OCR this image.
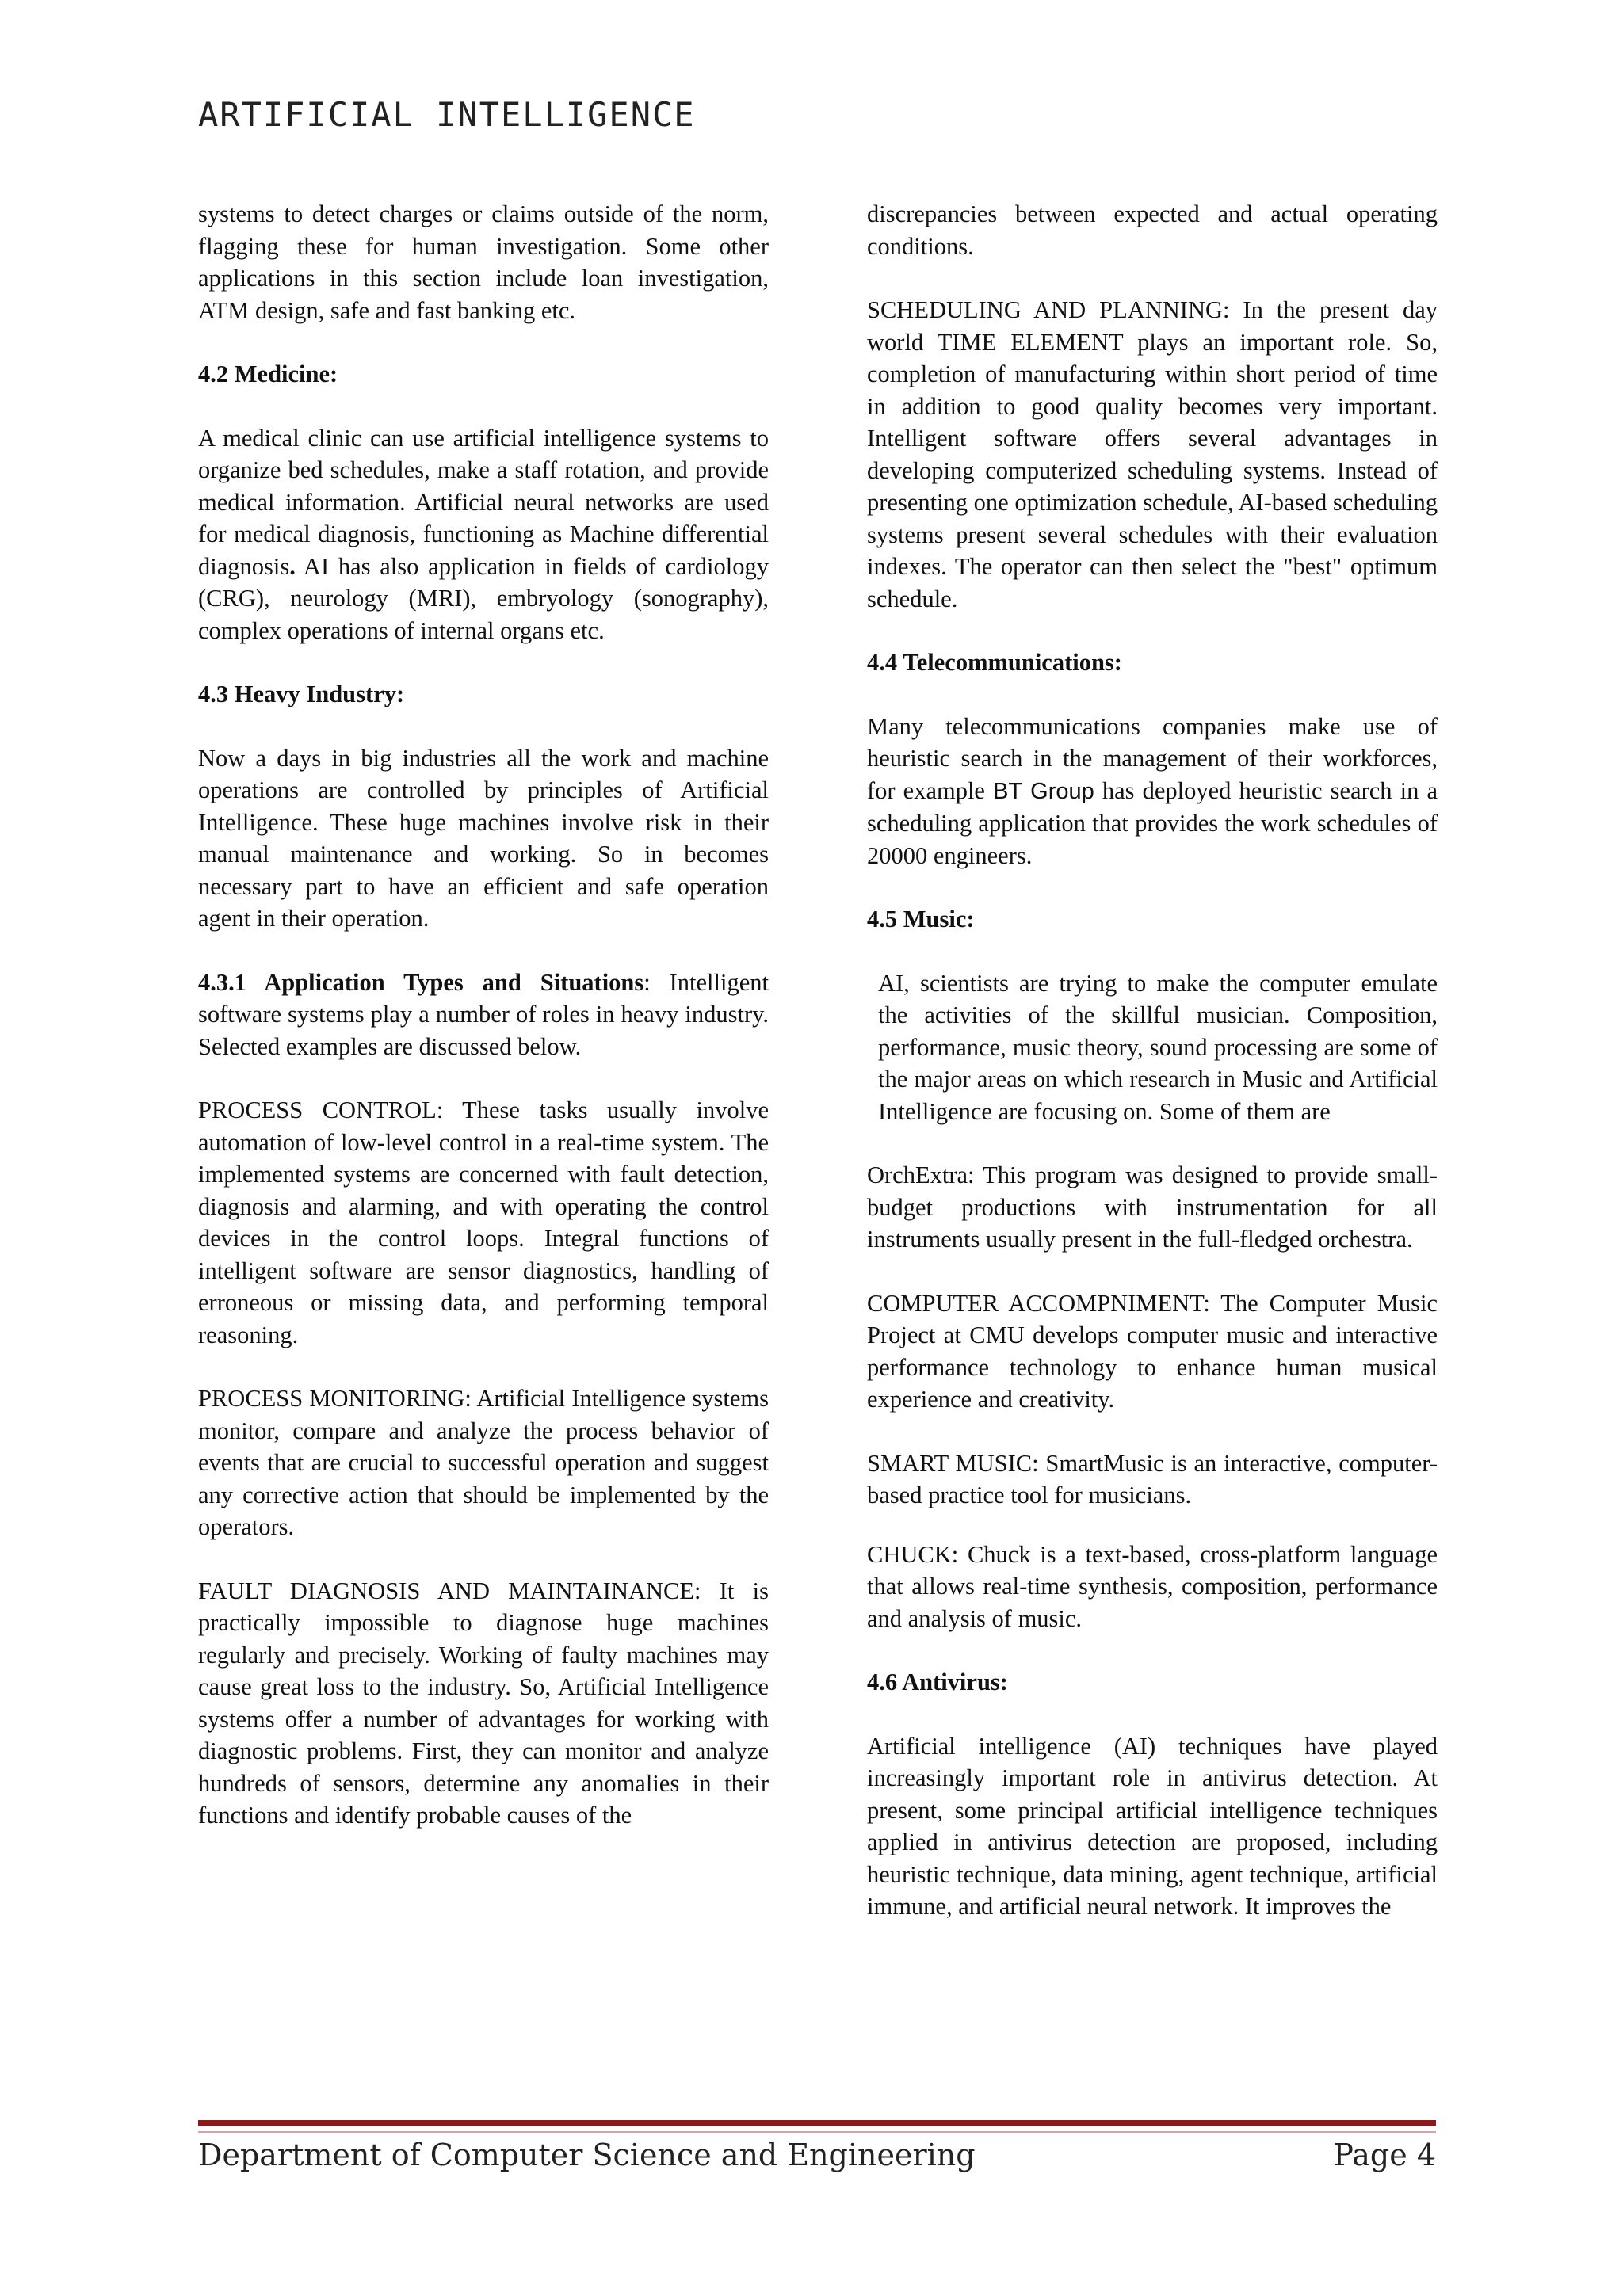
ARTIFICIAL INTELLIGENCE

systems to detect charges or claims outside of the norm, flagging these for human investigation. Some other applications in this section include loan investigation, ATM design, safe and fast banking etc.

4.2 Medicine:

A medical clinic can use artificial intelligence systems to organize bed schedules, make a staff rotation, and provide medical information. Artificial neural networks are used for medical diagnosis, functioning as Machine differential diagnosis. AI has also application in fields of cardiology (CRG), neurology (MRI), embryology (sonography), complex operations of internal organs etc.

4.3 Heavy Industry:

Now a days in big industries all the work and machine operations are controlled by principles of Artificial Intelligence. These huge machines involve risk in their manual maintenance and working. So in becomes necessary part to have an efficient and safe operation agent in their operation.

4.3.1 Application Types and Situations: Intelligent software systems play a number of roles in heavy industry. Selected examples are discussed below.

PROCESS CONTROL: These tasks usually involve automation of low-level control in a real-time system. The implemented systems are concerned with fault detection, diagnosis and alarming, and with operating the control devices in the control loops. Integral functions of intelligent software are sensor diagnostics, handling of erroneous or missing data, and performing temporal reasoning.

PROCESS MONITORING: Artificial Intelligence systems monitor, compare and analyze the process behavior of events that are crucial to successful operation and suggest any corrective action that should be implemented by the operators.

FAULT DIAGNOSIS AND MAINTAINANCE: It is practically impossible to diagnose huge machines regularly and precisely. Working of faulty machines may cause great loss to the industry. So, Artificial Intelligence systems offer a number of advantages for working with diagnostic problems. First, they can monitor and analyze hundreds of sensors, determine any anomalies in their functions and identify probable causes of the

discrepancies between expected and actual operating conditions.

SCHEDULING AND PLANNING: In the present day world TIME ELEMENT plays an important role. So, completion of manufacturing within short period of time in addition to good quality becomes very important. Intelligent software offers several advantages in developing computerized scheduling systems. Instead of presenting one optimization schedule, AI-based scheduling systems present several schedules with their evaluation indexes. The operator can then select the "best" optimum schedule.

4.4 Telecommunications:

Many telecommunications companies make use of heuristic search in the management of their workforces, for example BT Group has deployed heuristic search in a scheduling application that provides the work schedules of 20000 engineers.

4.5 Music:

AI, scientists are trying to make the computer emulate the activities of the skillful musician. Composition, performance, music theory, sound processing are some of the major areas on which research in Music and Artificial Intelligence are focusing on. Some of them are

OrchExtra: This program was designed to provide small-budget productions with instrumentation for all instruments usually present in the full-fledged orchestra.

COMPUTER ACCOMPNIMENT: The Computer Music Project at CMU develops computer music and interactive performance technology to enhance human musical experience and creativity.

SMART MUSIC: SmartMusic is an interactive, computer-based practice tool for musicians.

CHUCK: Chuck is a text-based, cross-platform language that allows real-time synthesis, composition, performance and analysis of music.

4.6 Antivirus:

Artificial intelligence (AI) techniques have played increasingly important role in antivirus detection. At present, some principal artificial intelligence techniques applied in antivirus detection are proposed, including heuristic technique, data mining, agent technique, artificial immune, and artificial neural network. It improves the

Department of Computer Science and Engineering	Page 4
